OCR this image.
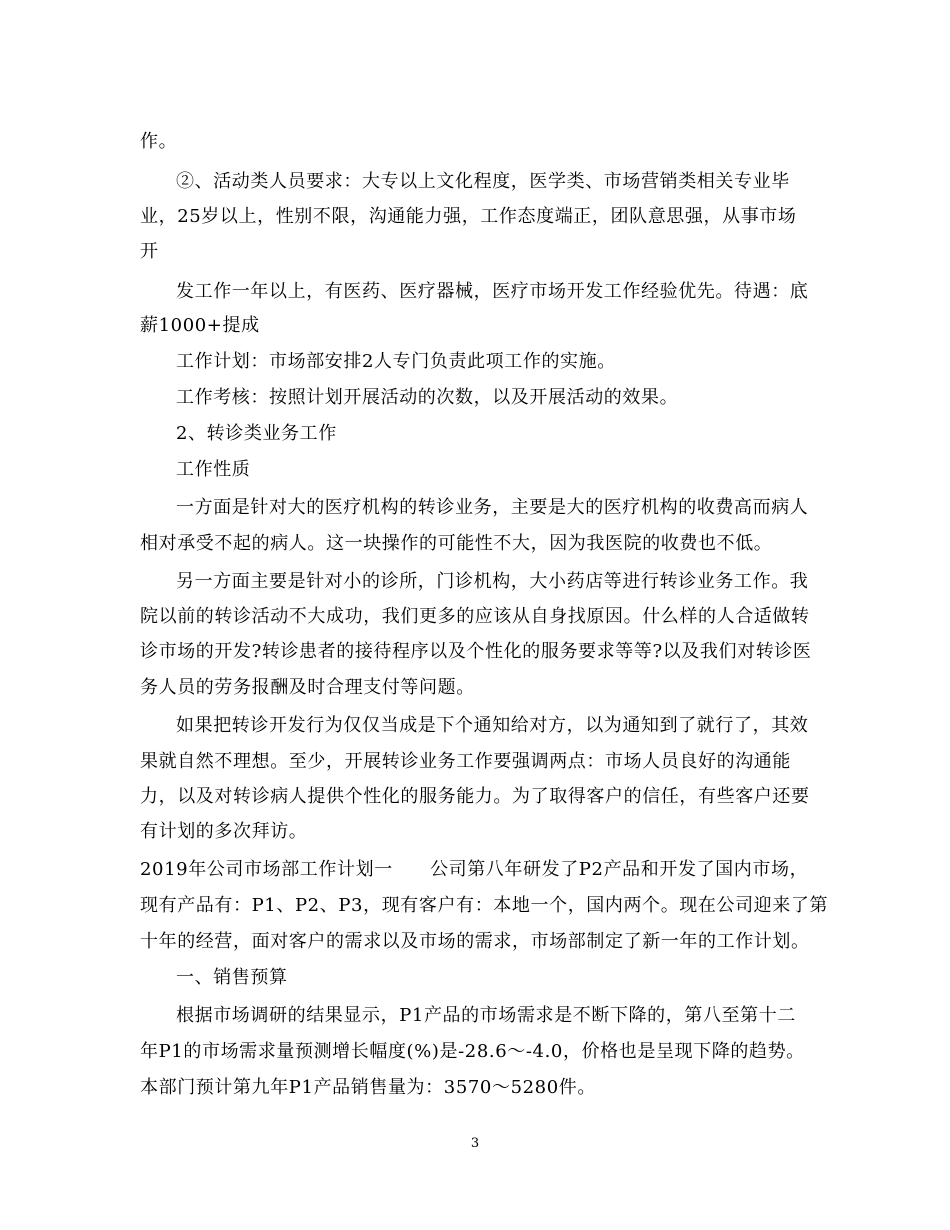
作。

②、活动类人员要求：大专以上文化程度，医学类、市场营销类相关专业毕

业，25岁以上，性别不限，沟通能力强，工作态度端正，团队意思强，从事市场

开

发工作一年以上，有医药、医疗器械，医疗市场开发工作经验优先。待遇：底

薪1000+提成

工作计划：市场部安排2人专门负责此项工作的实施。

工作考核：按照计划开展活动的次数，以及开展活动的效果。

2、转诊类业务工作

工作性质

一方面是针对大的医疗机构的转诊业务，主要是大的医疗机构的收费高而病人

相对承受不起的病人。这一块操作的可能性不大，因为我医院的收费也不低。

另一方面主要是针对小的诊所，门诊机构，大小药店等进行转诊业务工作。我

院以前的转诊活动不大成功，我们更多的应该从自身找原因。什么样的人合适做转

诊市场的开发?转诊患者的接待程序以及个性化的服务要求等等?以及我们对转诊医

务人员的劳务报酬及时合理支付等问题。

如果把转诊开发行为仅仅当成是下个通知给对方，以为通知到了就行了，其效

果就自然不理想。至少，开展转诊业务工作要强调两点：市场人员良好的沟通能

力，以及对转诊病人提供个性化的服务能力。为了取得客户的信任，有些客户还要

有计划的多次拜访。

2019年公司市场部工作计划一　　公司第八年研发了P2产品和开发了国内市场，

现有产品有：P1、P2、P3，现有客户有：本地一个，国内两个。现在公司迎来了第

十年的经营，面对客户的需求以及市场的需求，市场部制定了新一年的工作计划。

一、销售预算

根据市场调研的结果显示，P1产品的市场需求是不断下降的，第八至第十二

年P1的市场需求量预测增长幅度(%)是-28.6～-4.0，价格也是呈现下降的趋势。

本部门预计第九年P1产品销售量为：3570～5280件。

3
